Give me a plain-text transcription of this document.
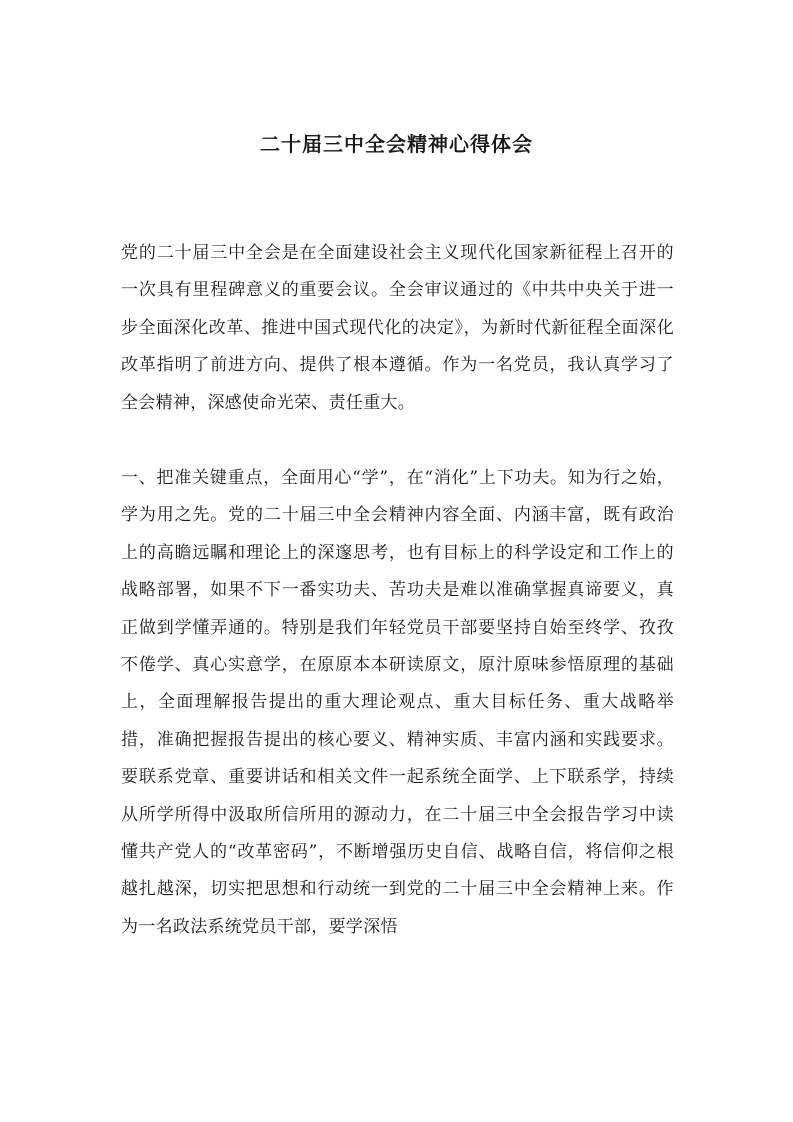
二十届三中全会精神心得体会

党的二十届三中全会是在全面建设社会主义现代化国家新征程上召开的一次具有里程碑意义的重要会议。全会审议通过的《中共中央关于进一步全面深化改革、推进中国式现代化的决定》，为新时代新征程全面深化改革指明了前进方向、提供了根本遵循。作为一名党员，我认真学习了全会精神，深感使命光荣、责任重大。

一、把准关键重点，全面用心“学”，在“消化”上下功夫。知为行之始，学为用之先。党的二十届三中全会精神内容全面、内涵丰富，既有政治上的高瞻远瞩和理论上的深邃思考，也有目标上的科学设定和工作上的战略部署，如果不下一番实功夫、苦功夫是难以准确掌握真谛要义，真正做到学懂弄通的。特别是我们年轻党员干部要坚持自始至终学、孜孜不倦学、真心实意学，在原原本本研读原文，原汁原味参悟原理的基础上，全面理解报告提出的重大理论观点、重大目标任务、重大战略举措，准确把握报告提出的核心要义、精神实质、丰富内涵和实践要求。要联系党章、重要讲话和相关文件一起系统全面学、上下联系学，持续从所学所得中汲取所信所用的源动力，在二十届三中全会报告学习中读懂共产党人的“改革密码”，不断增强历史自信、战略自信，将信仰之根越扎越深，切实把思想和行动统一到党的二十届三中全会精神上来。作为一名政法系统党员干部，要学深悟
